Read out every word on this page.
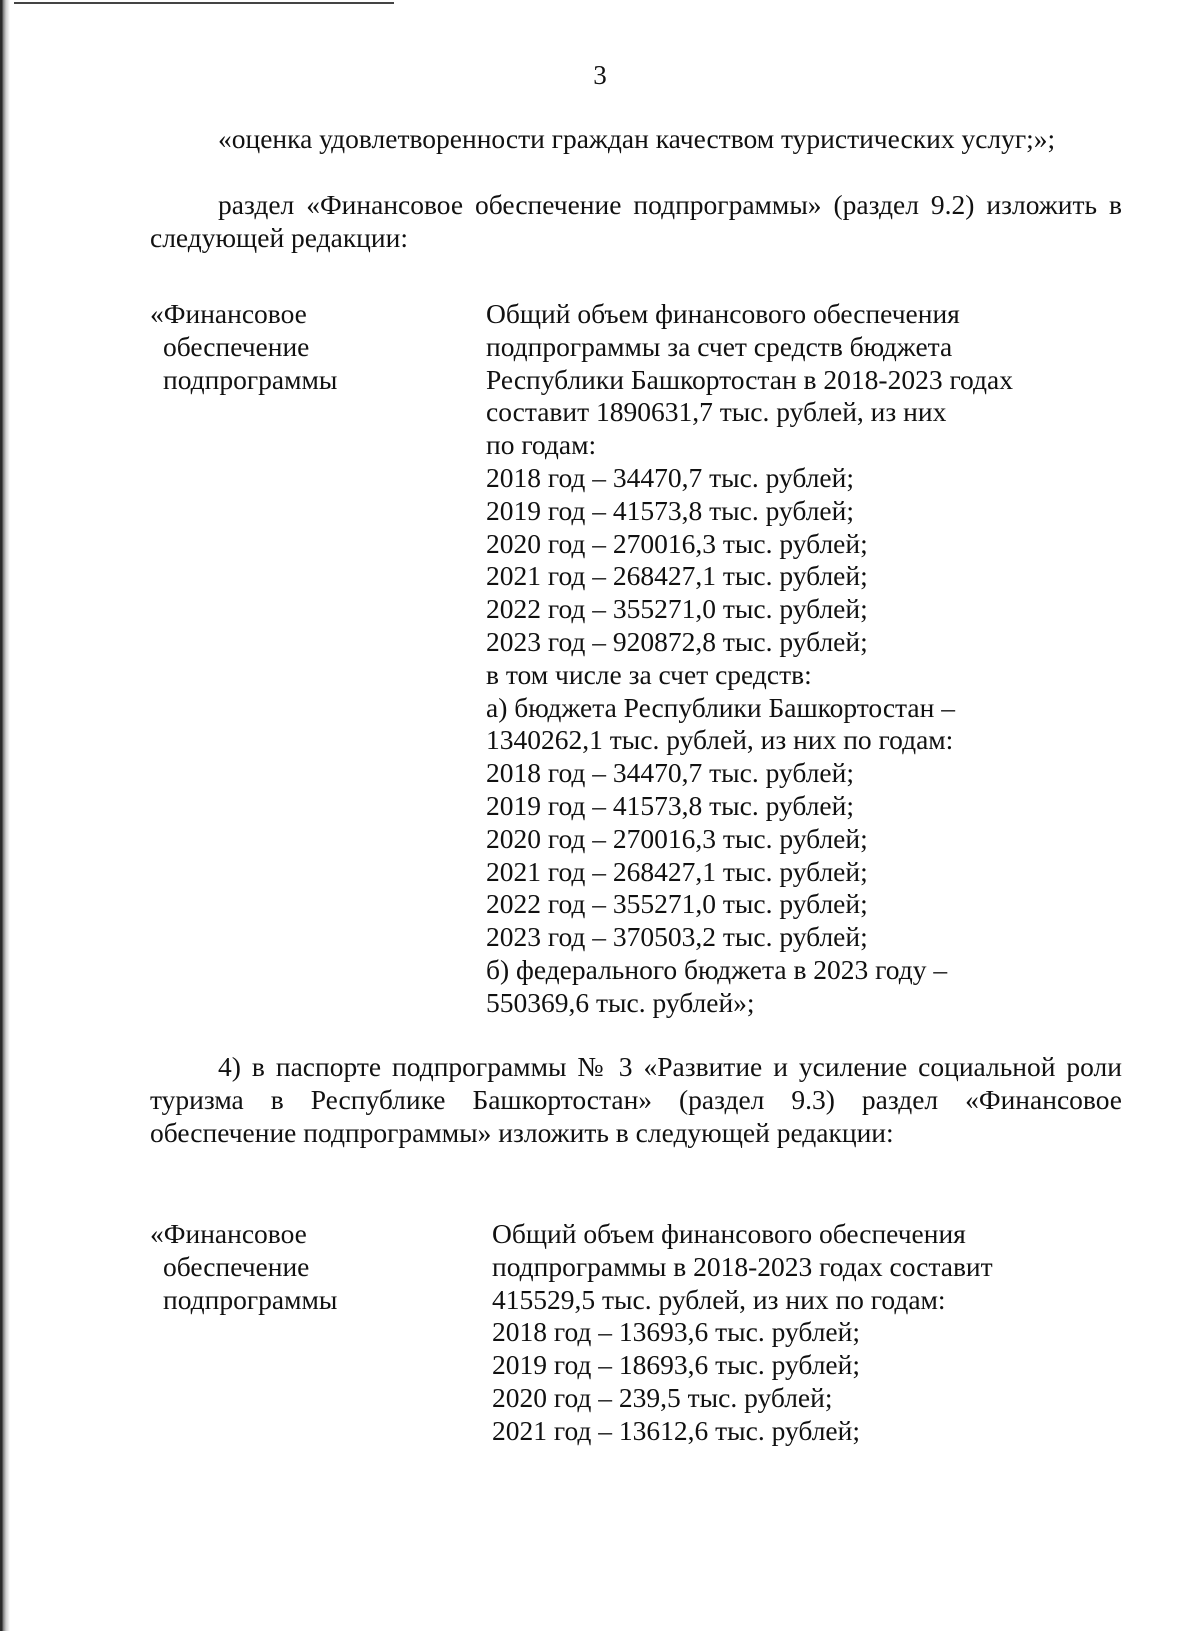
3

«оценка удовлетворенности граждан качеством туристических услуг;»;

раздел «Финансовое обеспечение подпрограммы» (раздел 9.2) изложить в следующей редакции:

«Финансовое
обеспечение
подпрограммы
Общий объем финансового обеспечения
подпрограммы за счет средств бюджета
Республики Башкортостан в 2018-2023 годах
составит 1890631,7 тыс. рублей, из них
по годам:
2018 год – 34470,7 тыс. рублей;
2019 год – 41573,8 тыс. рублей;
2020 год – 270016,3 тыс. рублей;
2021 год – 268427,1 тыс. рублей;
2022 год – 355271,0 тыс. рублей;
2023 год – 920872,8 тыс. рублей;
в том числе за счет средств:
а) бюджета Республики Башкортостан –
1340262,1 тыс. рублей, из них по годам:
2018 год – 34470,7 тыс. рублей;
2019 год – 41573,8 тыс. рублей;
2020 год – 270016,3 тыс. рублей;
2021 год – 268427,1 тыс. рублей;
2022 год – 355271,0 тыс. рублей;
2023 год – 370503,2 тыс. рублей;
б) федерального бюджета в 2023 году –
550369,6 тыс. рублей»;

4) в паспорте подпрограммы № 3 «Развитие и усиление социальной роли туризма в Республике Башкортостан» (раздел 9.3) раздел «Финансовое обеспечение подпрограммы» изложить в следующей редакции:

«Финансовое
обеспечение
подпрограммы
Общий объем финансового обеспечения
подпрограммы в 2018-2023 годах составит
415529,5 тыс. рублей, из них по годам:
2018 год – 13693,6 тыс. рублей;
2019 год – 18693,6 тыс. рублей;
2020 год – 239,5 тыс. рублей;
2021 год – 13612,6 тыс. рублей;
